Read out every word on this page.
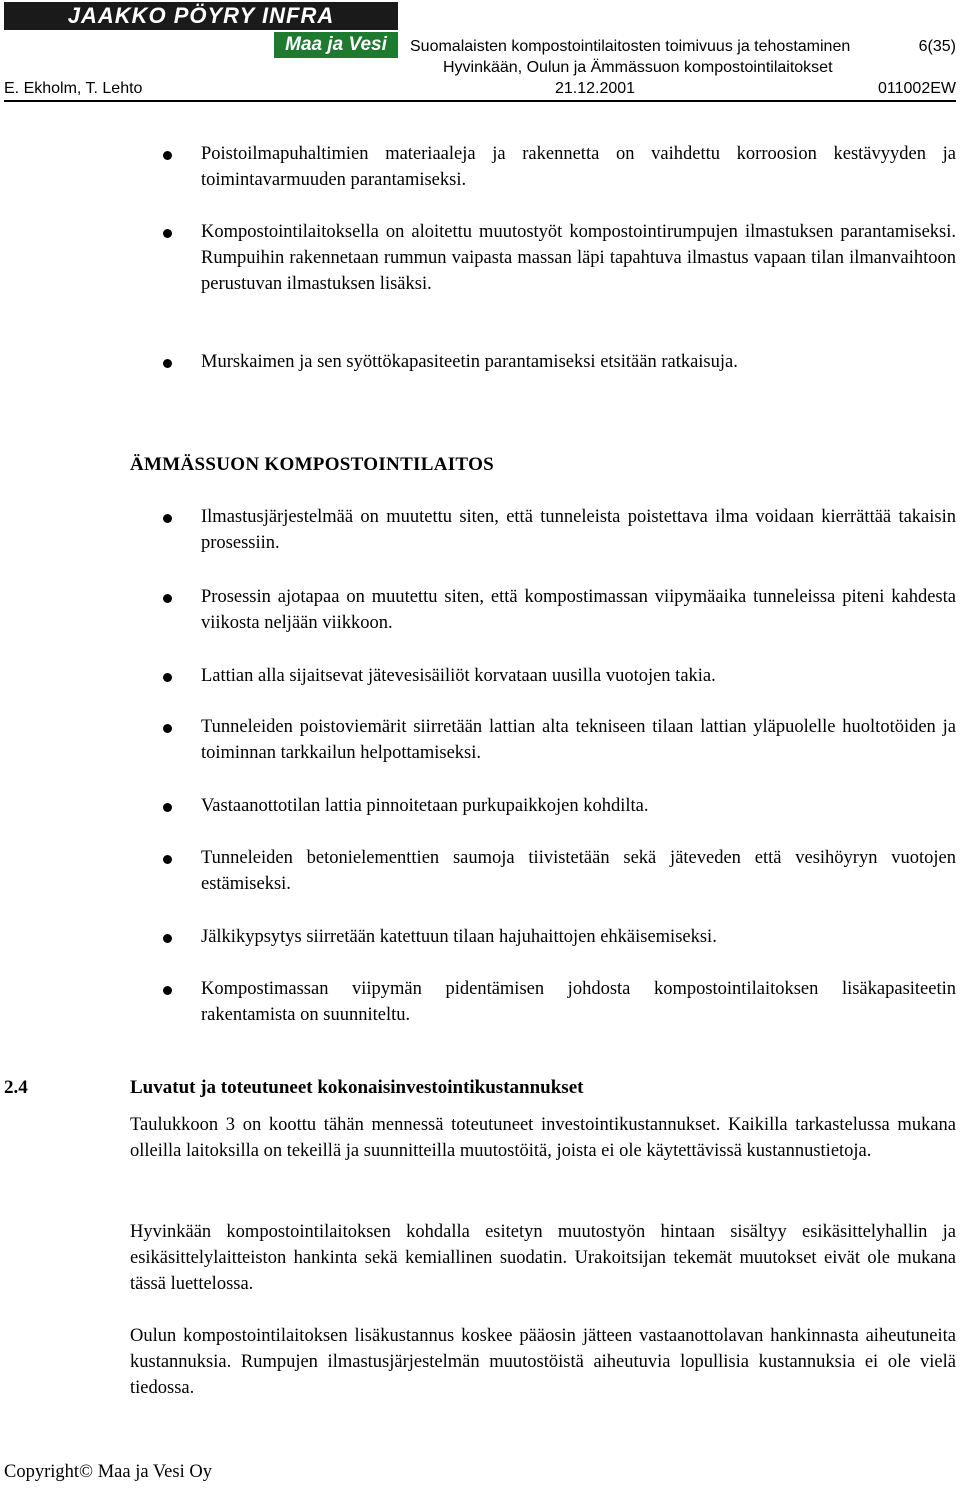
JAAKKO PÖYRY INFRA
Maa ja Vesi	Suomalaisten kompostointilaitosten toimivuus ja tehostaminen	6(35)
Hyvinkään, Oulun ja Ämmässuon kompostointilaitokset
E. Ekholm, T. Lehto	21.12.2001	011002EW
Poistoilmapuhaltimien materiaaleja ja rakennetta on vaihdettu korroosion kestävyyden ja toimintavarmuuden parantamiseksi.
Kompostointilaitoksella on aloitettu muutostyöt kompostointirumpujen ilmastuksen parantamiseksi. Rumpuihin rakennetaan rummun vaipasta massan läpi tapahtuva ilmastus vapaan tilan ilmanvaihtoon perustuvan ilmastuksen lisäksi.
Murskaimen ja sen syöttökapasiteetin parantamiseksi etsitään ratkaisuja.
ÄMMÄSSUON KOMPOSTOINTILAITOS
Ilmastusjärjestelmää on muutettu siten, että tunneleista poistettava ilma voidaan kierrättää takaisin prosessiin.
Prosessin ajotapaa on muutettu siten, että kompostimassan viipymäaika tunneleissa piteni kahdesta viikosta neljään viikkoon.
Lattian alla sijaitsevat jätevesisäiliöt korvataan uusilla vuotojen takia.
Tunneleiden poistoviemärit siirretään lattian alta tekniseen tilaan lattian yläpuolelle huoltotöiden ja toiminnan tarkkailun helpottamiseksi.
Vastaanottotilan lattia pinnoitetaan purkupaikkojen kohdilta.
Tunneleiden betonielementtien saumoja tiivistetään sekä jäteveden että vesihöyryn vuotojen estämiseksi.
Jälkikypsytys siirretään katettuun tilaan hajuhaittojen ehkäisemiseksi.
Kompostimassan viipymän pidentämisen johdosta kompostointilaitoksen lisäkapasiteetin rakentamista on suunniteltu.
2.4	Luvatut ja toteutuneet kokonaisinvestointikustannukset
Taulukkoon 3 on koottu tähän mennessä toteutuneet investointikustannukset. Kaikilla tarkastelussa mukana olleilla laitoksilla on tekeillä ja suunnitteilla muutostöitä, joista ei ole käytettävissä kustannustietoja.
Hyvinkään kompostointilaitoksen kohdalla esitetyn muutostyön hintaan sisältyy esikäsittelyhallin ja esikäsittelylaitteiston hankinta sekä kemiallinen suodatin. Urakoitsijan tekemät muutokset eivät ole mukana tässä luettelossa.
Oulun kompostointilaitoksen lisäkustannus koskee pääosin jätteen vastaanottolavan hankinnasta aiheutuneita kustannuksia. Rumpujen ilmastusjärjestelmän muutostöistä aiheutuvia lopullisia kustannuksia ei ole vielä tiedossa.
Copyright© Maa ja Vesi Oy
